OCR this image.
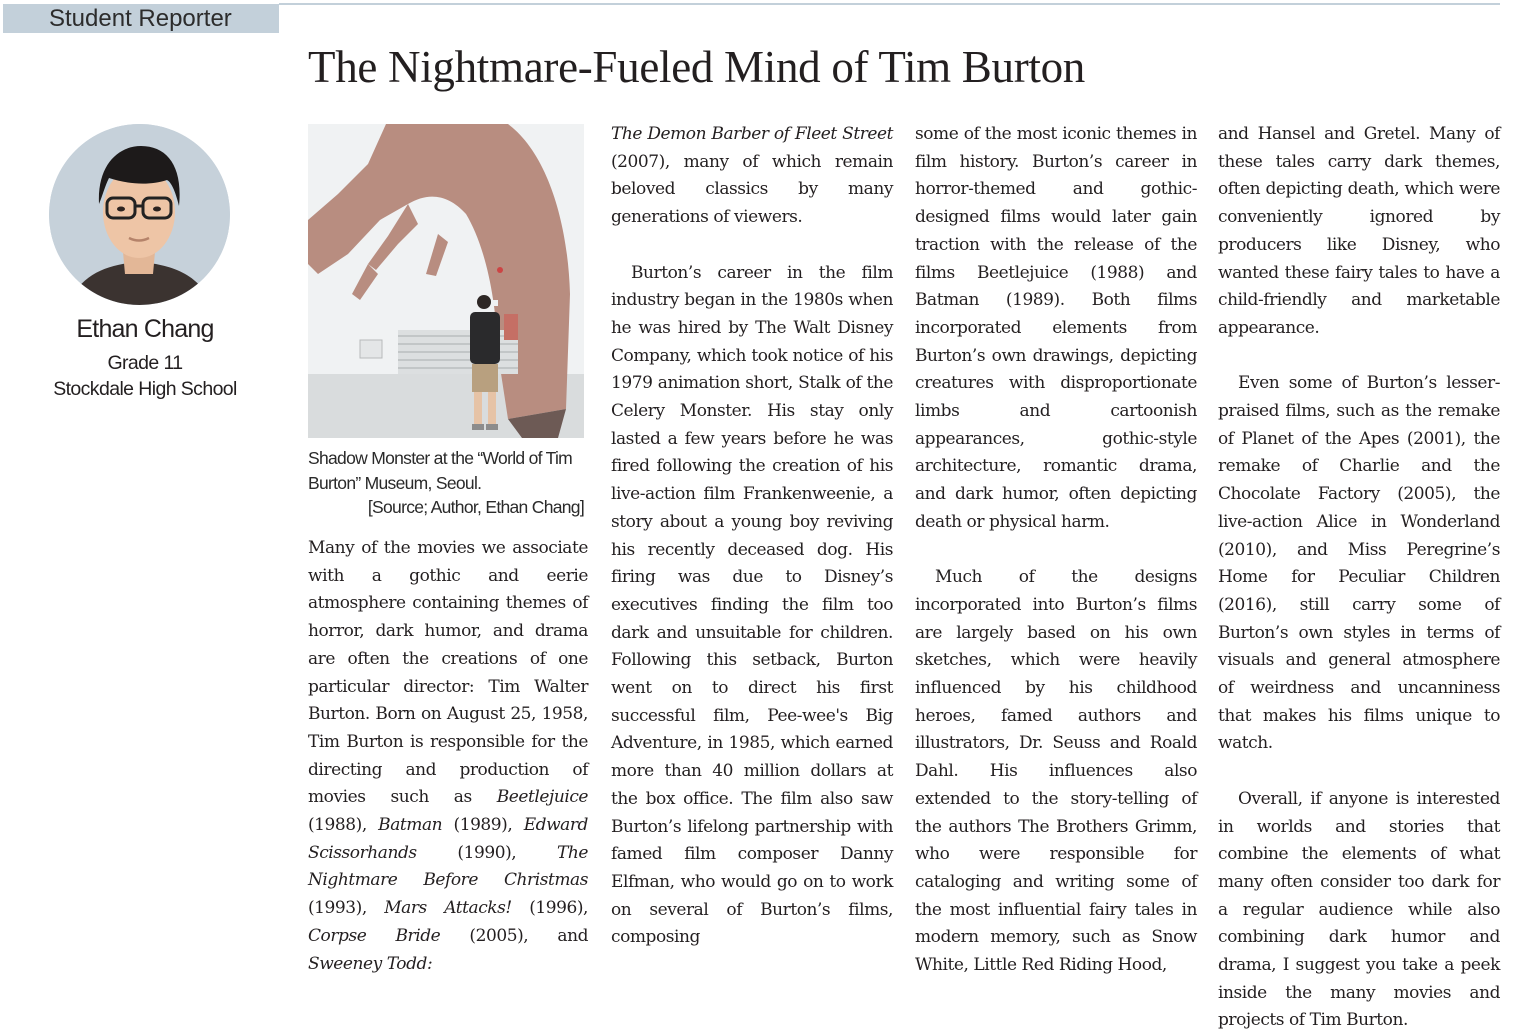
Student Reporter
The Nightmare-Fueled Mind of Tim Burton
Ethan Chang
Grade 11
Stockdale High School
Shadow Monster at the “World of Tim
Burton” Museum, Seoul.
[Source; Author, Ethan Chang]

Many of the movies we associate with a gothic and eerie atmosphere containing themes of horror, dark humor, and drama are often the creations of one particular director: Tim Walter Burton. Born on August 25, 1958, Tim Burton is responsible for the directing and production of movies such as Beetlejuice (1988), Batman (1989), Edward Scissorhands (1990), The Nightmare Before Christmas (1993), Mars Attacks! (1996), Corpse Bride (2005), and Sweeney Todd:

The Demon Barber of Fleet Street (2007), many of which remain beloved classics by many generations of viewers.

Burton’s career in the film industry began in the 1980s when he was hired by The Walt Disney Company, which took notice of his 1979 animation short, Stalk of the Celery Monster. His stay only lasted a few years before he was fired following the creation of his live-action film Frankenweenie, a story about a young boy reviving his recently deceased dog. His firing was due to Disney’s executives finding the film too dark and unsuitable for children. Following this setback, Burton went on to direct his first successful film, Pee-wee's Big Adventure, in 1985, which earned more than 40 million dollars at the box office. The film also saw Burton’s lifelong partnership with famed film composer Danny Elfman, who would go on to work on several of Burton’s films, composing

some of the most iconic themes in film history. Burton’s career in horror-themed and gothic-designed films would later gain traction with the release of the films Beetlejuice (1988) and Batman (1989). Both films incorporated elements from Burton’s own drawings, depicting creatures with disproportionate limbs and cartoonish appearances, gothic-style architecture, romantic drama, and dark humor, often depicting death or physical harm.

Much of the designs incorporated into Burton’s films are largely based on his own sketches, which were heavily influenced by his childhood heroes, famed authors and illustrators, Dr. Seuss and Roald Dahl. His influences also extended to the story-telling of the authors The Brothers Grimm, who were responsible for cataloging and writing some of the most influential fairy tales in modern memory, such as Snow White, Little Red Riding Hood,

and Hansel and Gretel. Many of these tales carry dark themes, often depicting death, which were conveniently ignored by producers like Disney, who wanted these fairy tales to have a child-friendly and marketable appearance.

Even some of Burton’s lesser-praised films, such as the remake of Planet of the Apes (2001), the remake of Charlie and the Chocolate Factory (2005), the live-action Alice in Wonderland (2010), and Miss Peregrine’s Home for Peculiar Children (2016), still carry some of Burton’s own styles in terms of visuals and general atmosphere of weirdness and uncanniness that makes his films unique to watch.

Overall, if anyone is interested in worlds and stories that combine the elements of what many often consider too dark for a regular audience while also combining dark humor and drama, I suggest you take a peek inside the many movies and projects of Tim Burton.
